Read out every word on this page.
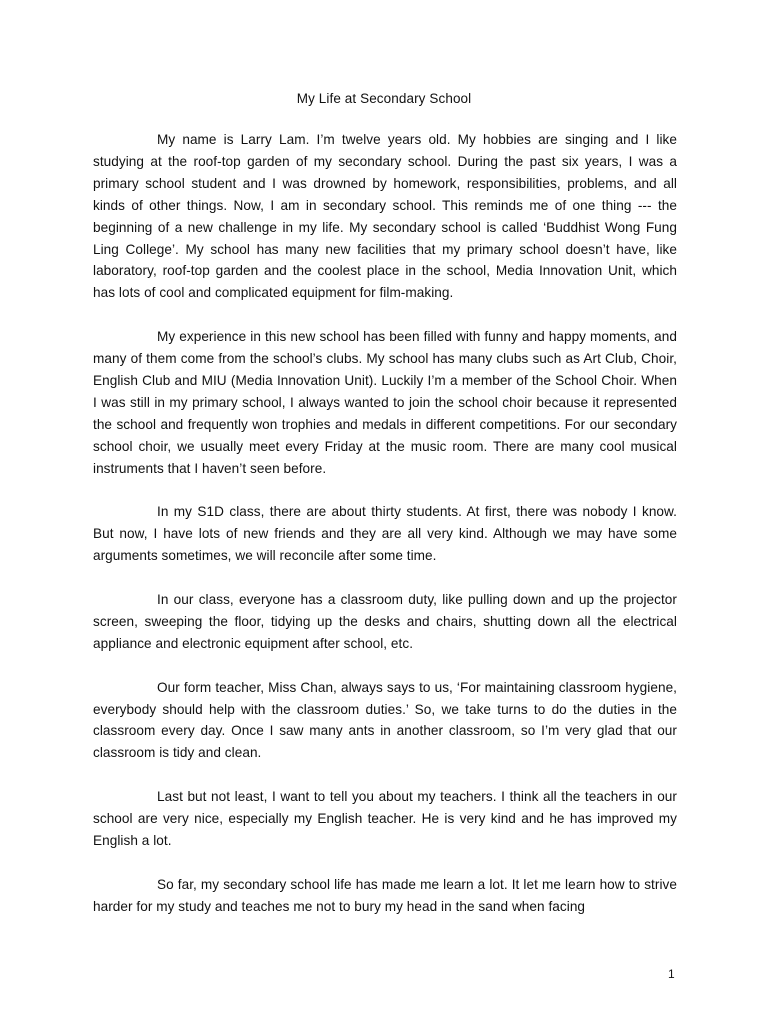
My Life at Secondary School

My name is Larry Lam. I’m twelve years old. My hobbies are singing and I like studying at the roof-top garden of my secondary school. During the past six years, I was a primary school student and I was drowned by homework, responsibilities, problems, and all kinds of other things. Now, I am in secondary school. This reminds me of one thing --- the beginning of a new challenge in my life. My secondary school is called ‘Buddhist Wong Fung Ling College’. My school has many new facilities that my primary school doesn’t have, like laboratory, roof-top garden and the coolest place in the school, Media Innovation Unit, which has lots of cool and complicated equipment for film-making.

My experience in this new school has been filled with funny and happy moments, and many of them come from the school’s clubs. My school has many clubs such as Art Club, Choir, English Club and MIU (Media Innovation Unit). Luckily I’m a member of the School Choir. When I was still in my primary school, I always wanted to join the school choir because it represented the school and frequently won trophies and medals in different competitions. For our secondary school choir, we usually meet every Friday at the music room. There are many cool musical instruments that I haven’t seen before.

In my S1D class, there are about thirty students. At first, there was nobody I know. But now, I have lots of new friends and they are all very kind. Although we may have some arguments sometimes, we will reconcile after some time.

In our class, everyone has a classroom duty, like pulling down and up the projector screen, sweeping the floor, tidying up the desks and chairs, shutting down all the electrical appliance and electronic equipment after school, etc.

Our form teacher, Miss Chan, always says to us, ‘For maintaining classroom hygiene, everybody should help with the classroom duties.’ So, we take turns to do the duties in the classroom every day. Once I saw many ants in another classroom, so I’m very glad that our classroom is tidy and clean.

Last but not least, I want to tell you about my teachers. I think all the teachers in our school are very nice, especially my English teacher. He is very kind and he has improved my English a lot.

So far, my secondary school life has made me learn a lot. It let me learn how to strive harder for my study and teaches me not to bury my head in the sand when facing

1
